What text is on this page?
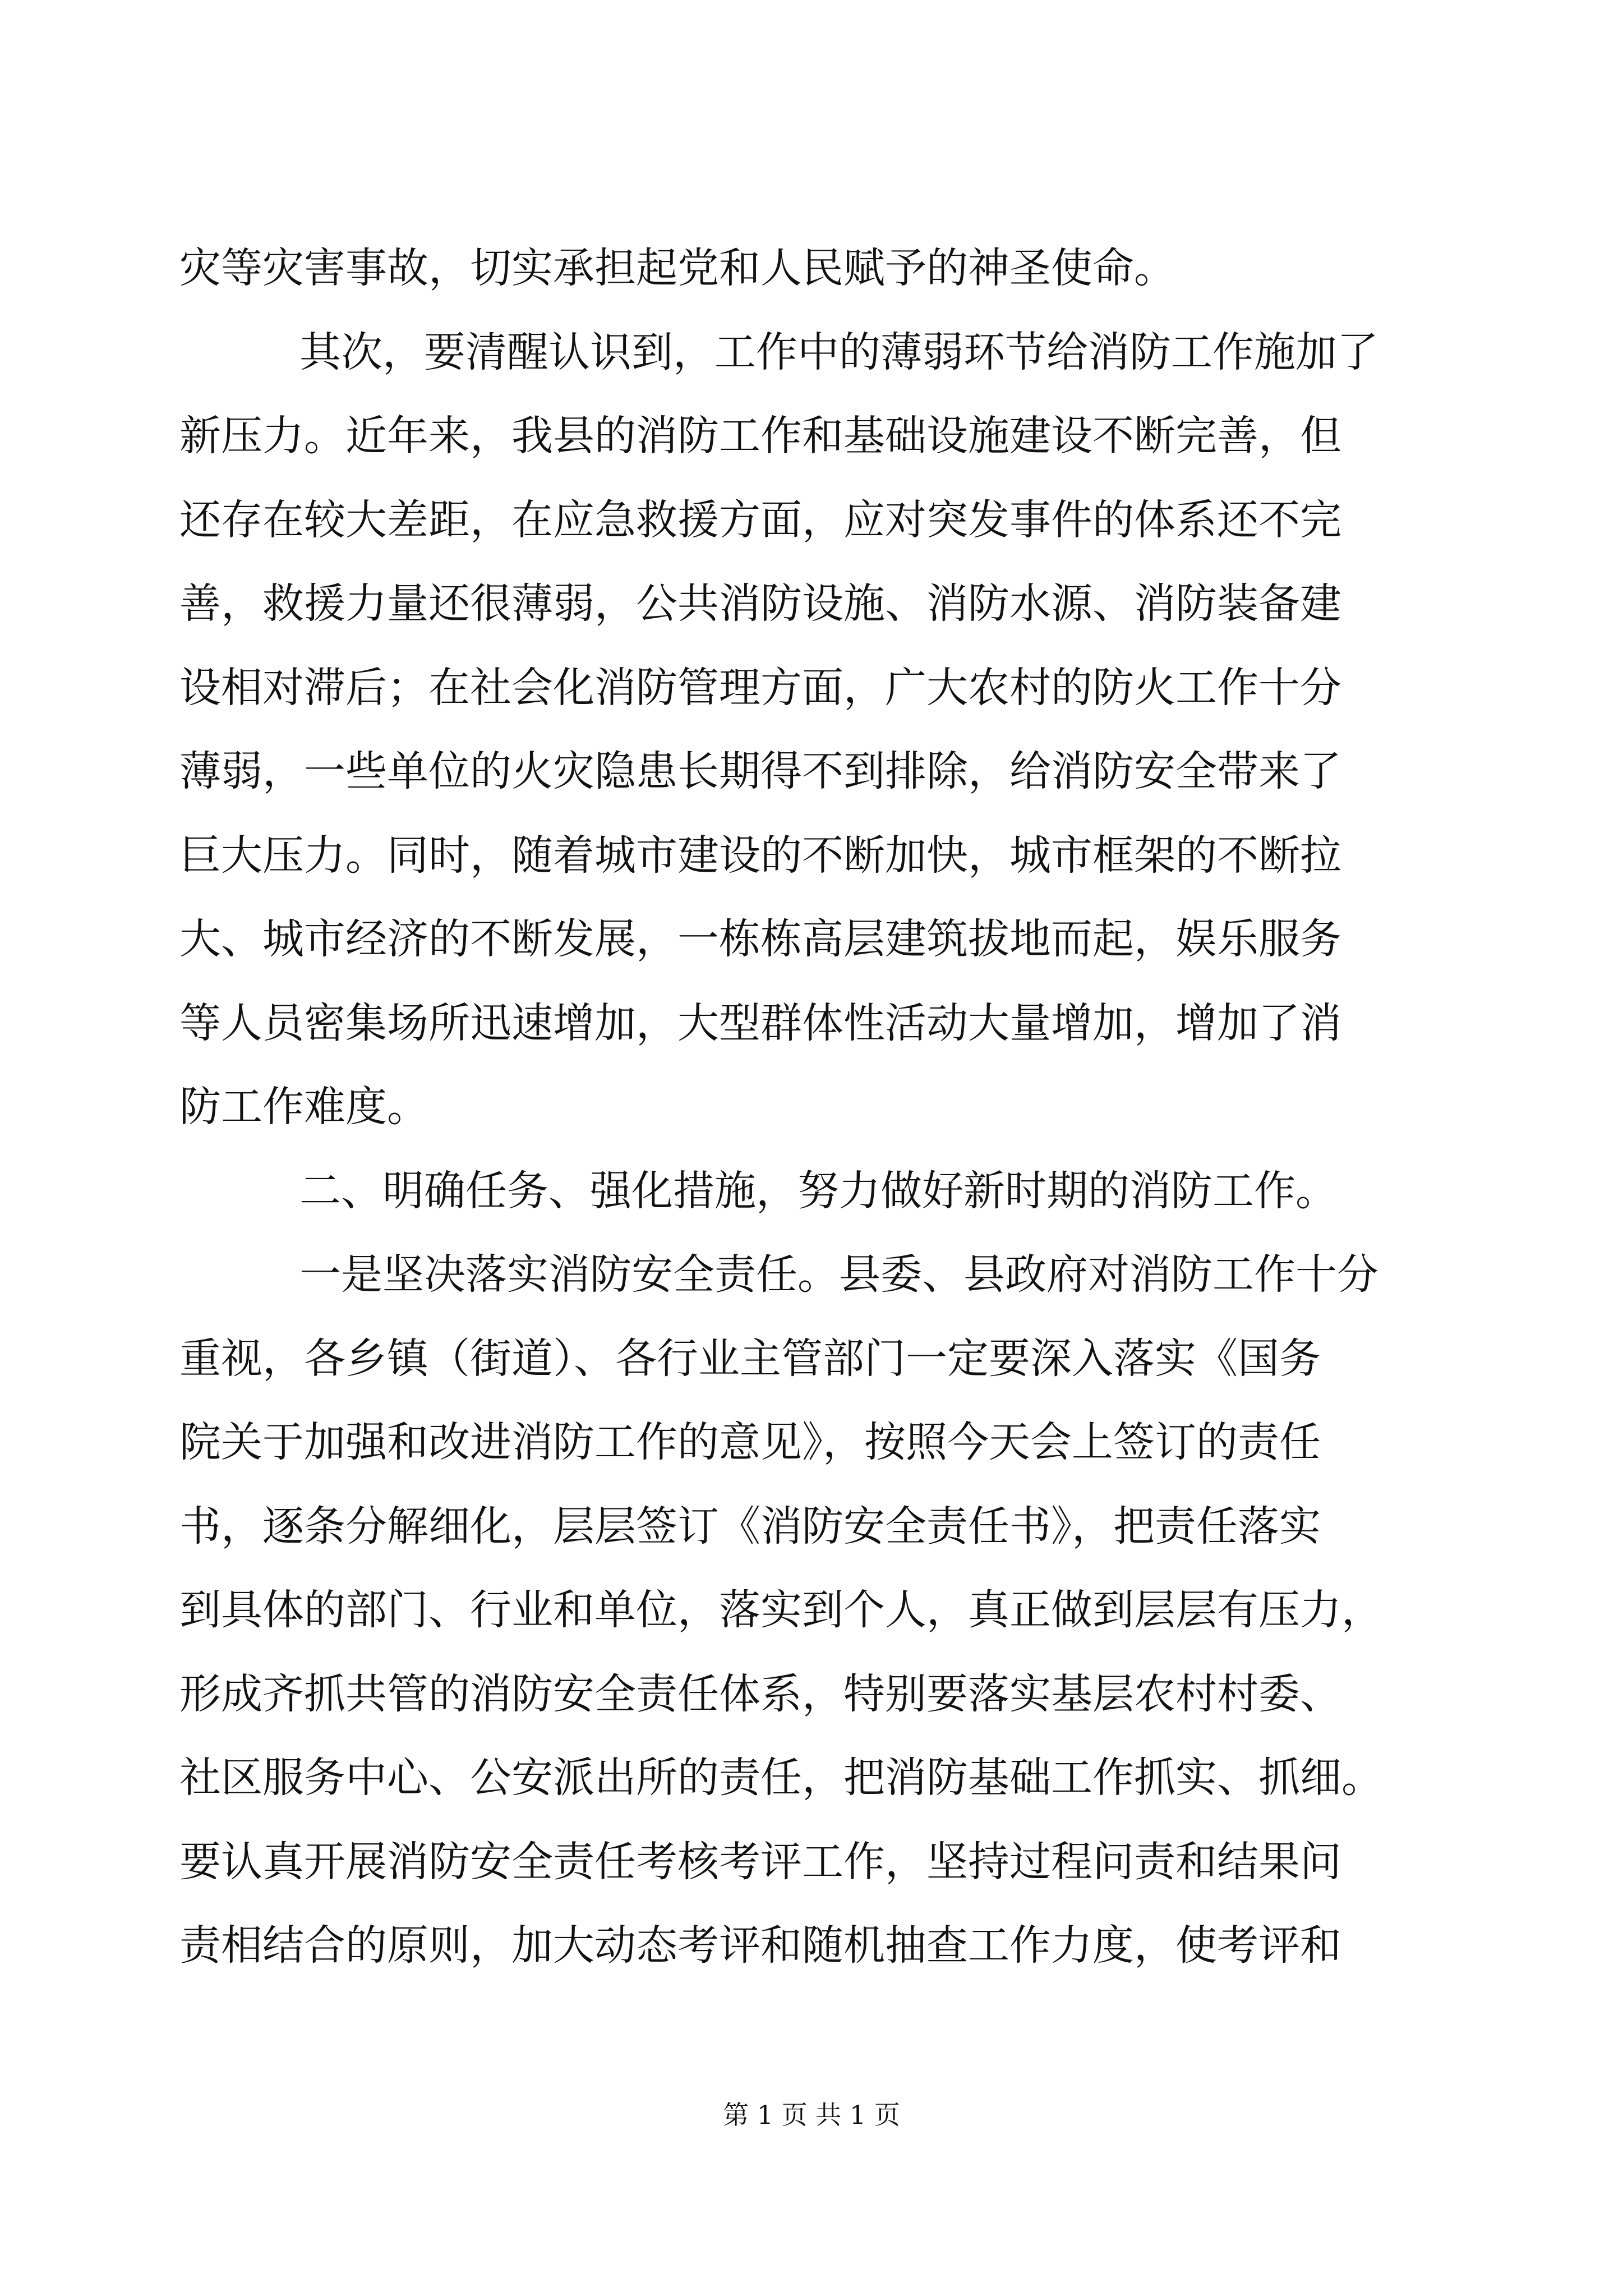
灾等灾害事故，切实承担起党和人民赋予的神圣使命。
其次，要清醒认识到，工作中的薄弱环节给消防工作施加了
新压力。近年来，我县的消防工作和基础设施建设不断完善，但
还存在较大差距，在应急救援方面，应对突发事件的体系还不完
善，救援力量还很薄弱，公共消防设施、消防水源、消防装备建
设相对滞后；在社会化消防管理方面，广大农村的防火工作十分
薄弱，一些单位的火灾隐患长期得不到排除，给消防安全带来了
巨大压力。同时，随着城市建设的不断加快，城市框架的不断拉
大、城市经济的不断发展，一栋栋高层建筑拔地而起，娱乐服务
等人员密集场所迅速增加，大型群体性活动大量增加，增加了消
防工作难度。
二、明确任务、强化措施，努力做好新时期的消防工作。
一是坚决落实消防安全责任。县委、县政府对消防工作十分
重视，各乡镇（街道）、各行业主管部门一定要深入落实《国务
院关于加强和改进消防工作的意见》，按照今天会上签订的责任
书，逐条分解细化，层层签订《消防安全责任书》，把责任落实
到具体的部门、行业和单位，落实到个人，真正做到层层有压力，
形成齐抓共管的消防安全责任体系，特别要落实基层农村村委、
社区服务中心、公安派出所的责任，把消防基础工作抓实、抓细。
要认真开展消防安全责任考核考评工作，坚持过程问责和结果问
责相结合的原则，加大动态考评和随机抽查工作力度，使考评和
第 1 页 共 1 页
